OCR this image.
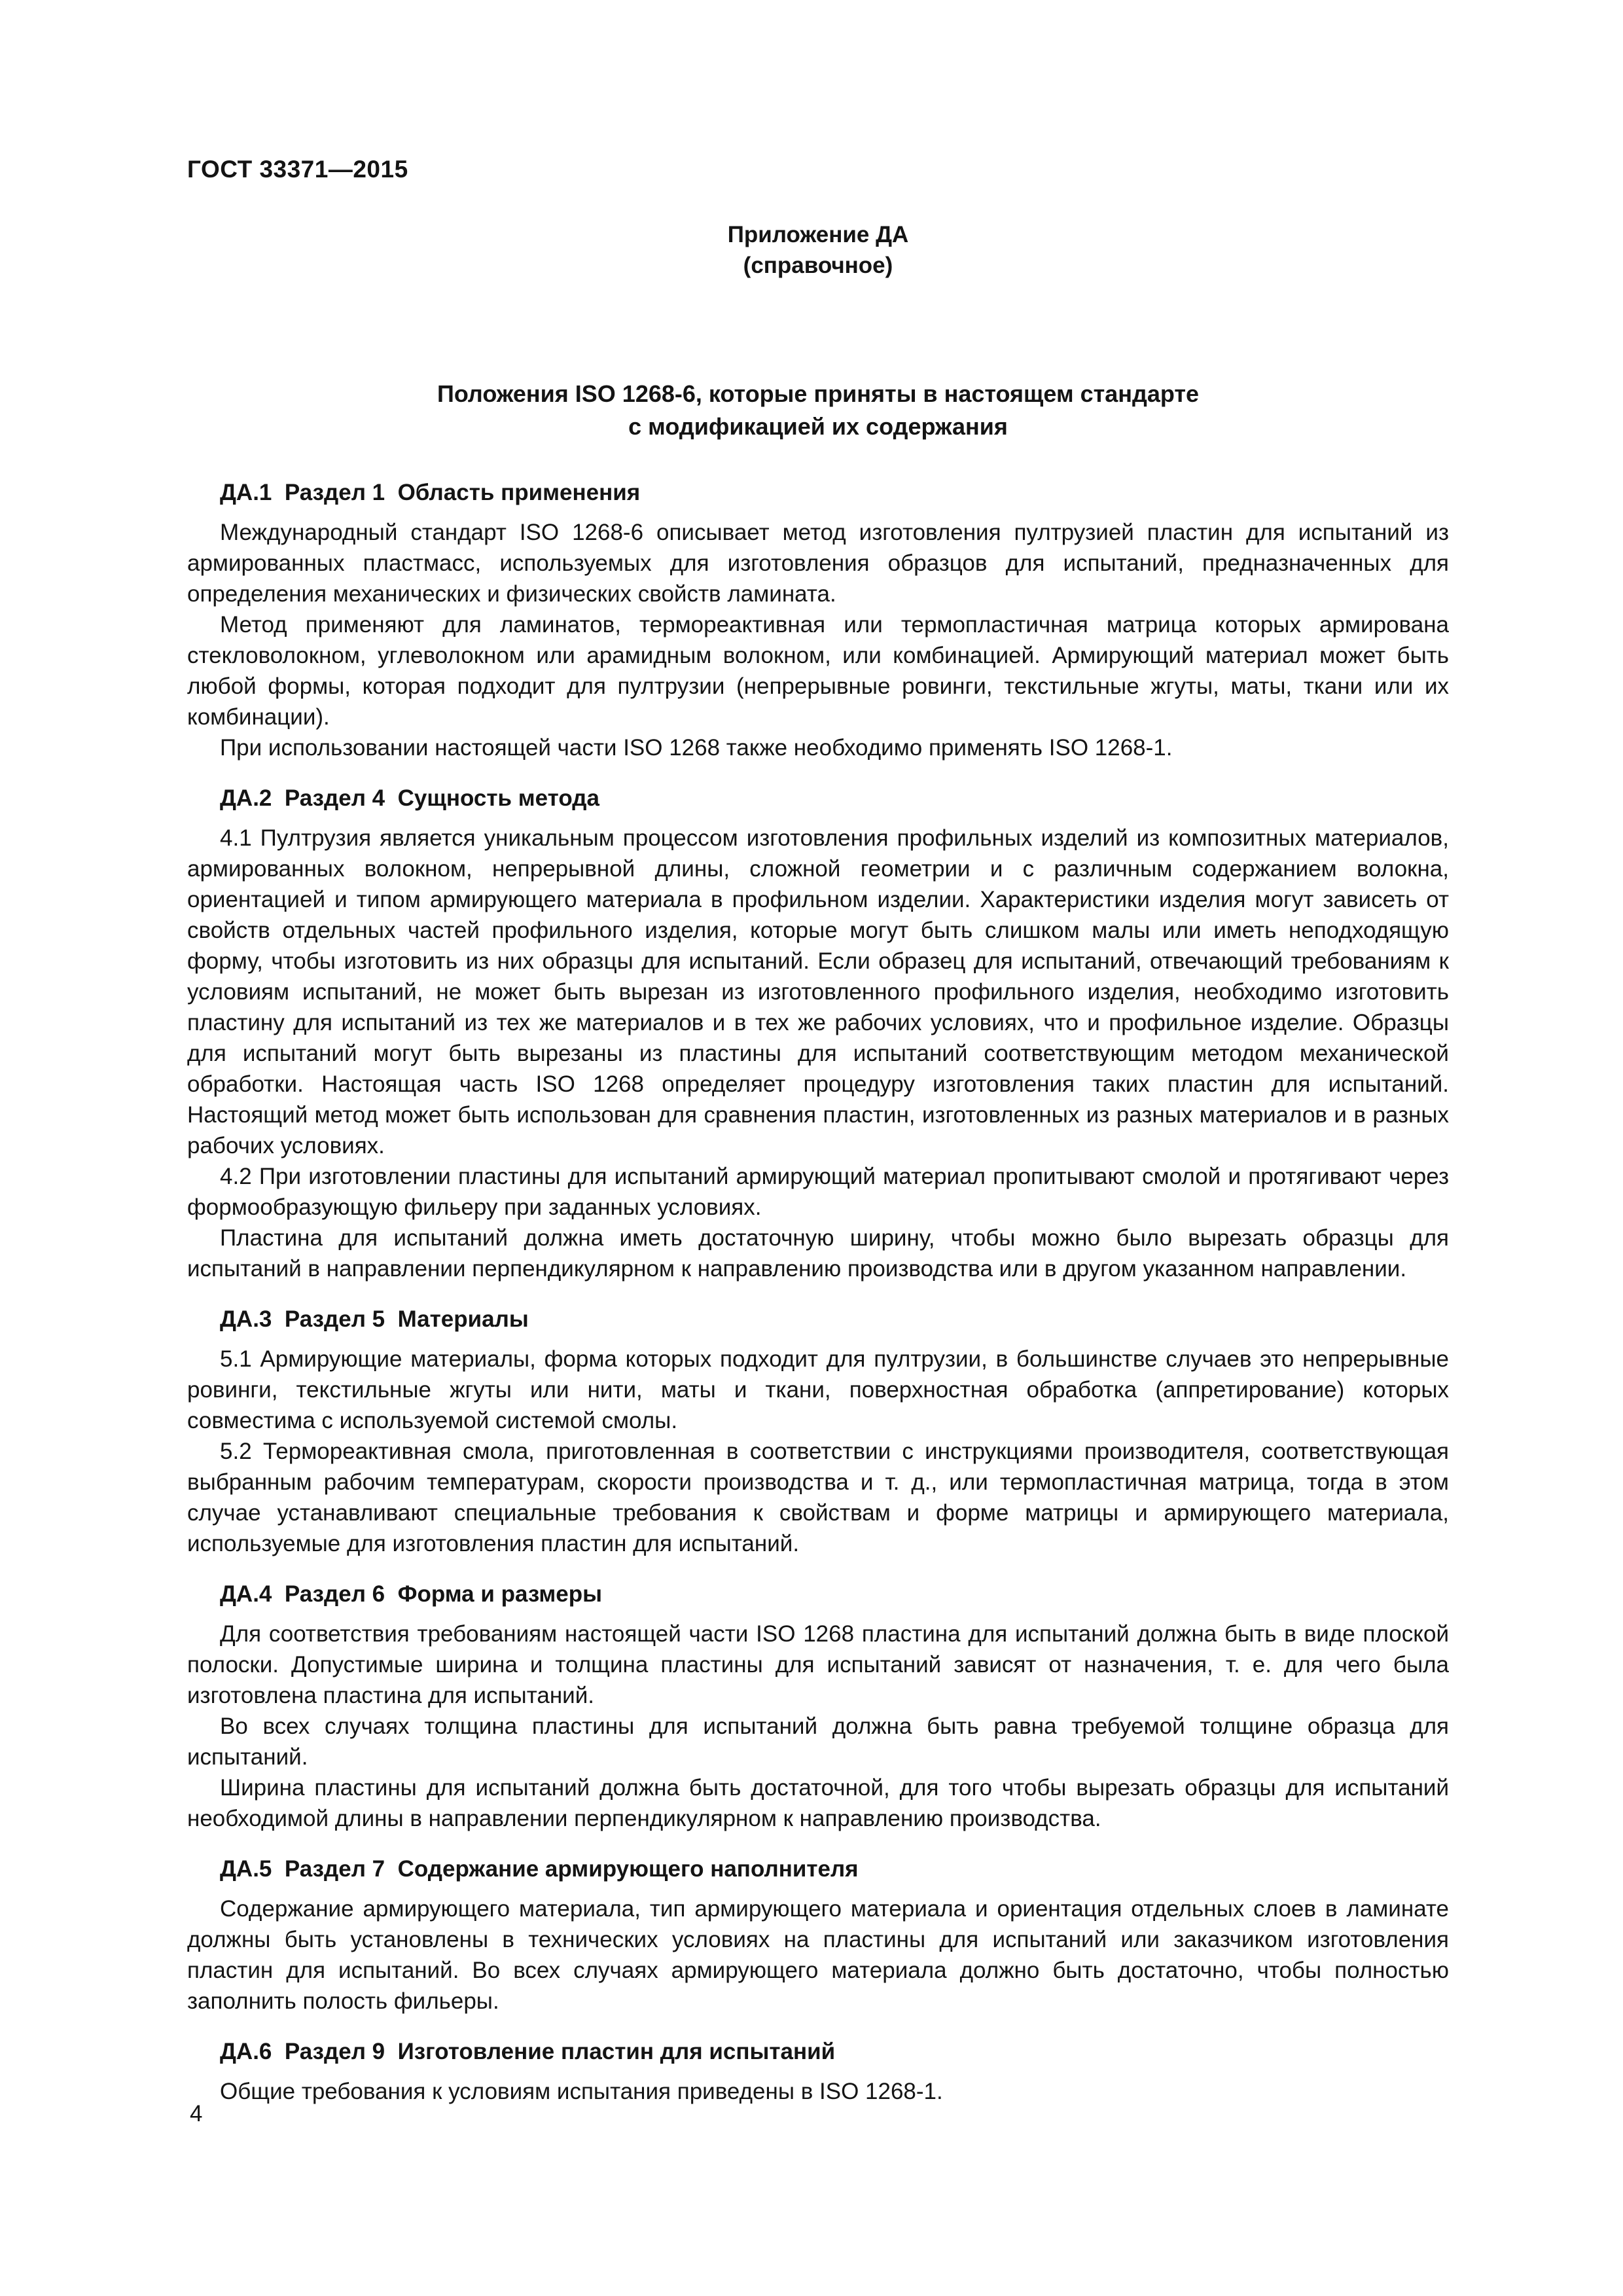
ГОСТ 33371—2015
Приложение ДА
(справочное)
Положения ISO 1268-6, которые приняты в настоящем стандарте
с модификацией их содержания
ДА.1  Раздел 1  Область применения

Международный стандарт ISO 1268-6 описывает метод изготовления пултрузией пластин для испытаний из армированных пластмасс, используемых для изготовления образцов для испытаний, предназначенных для определения механических и физических свойств ламината.

Метод применяют для ламинатов, термореактивная или термопластичная матрица которых армирована стекловолокном, углеволокном или арамидным волокном, или комбинацией. Армирующий материал может быть любой формы, которая подходит для пултрузии (непрерывные ровинги, текстильные жгуты, маты, ткани или их комбинации).

При использовании настоящей части ISO 1268 также необходимо применять ISO 1268-1.

ДА.2  Раздел 4  Сущность метода

4.1 Пултрузия является уникальным процессом изготовления профильных изделий из композитных материалов, армированных волокном, непрерывной длины, сложной геометрии и с различным содержанием волокна, ориентацией и типом армирующего материала в профильном изделии. Характеристики изделия могут зависеть от свойств отдельных частей профильного изделия, которые могут быть слишком малы или иметь неподходящую форму, чтобы изготовить из них образцы для испытаний. Если образец для испытаний, отвечающий требованиям к условиям испытаний, не может быть вырезан из изготовленного профильного изделия, необходимо изготовить пластину для испытаний из тех же материалов и в тех же рабочих условиях, что и профильное изделие. Образцы для испытаний могут быть вырезаны из пластины для испытаний соответствующим методом механической обработки. Настоящая часть ISO 1268 определяет процедуру изготовления таких пластин для испытаний. Настоящий метод может быть использован для сравнения пластин, изготовленных из разных материалов и в разных рабочих условиях.

4.2 При изготовлении пластины для испытаний армирующий материал пропитывают смолой и протягивают через формообразующую фильеру при заданных условиях.

Пластина для испытаний должна иметь достаточную ширину, чтобы можно было вырезать образцы для испытаний в направлении перпендикулярном к направлению производства или в другом указанном направлении.

ДА.3  Раздел 5  Материалы

5.1 Армирующие материалы, форма которых подходит для пултрузии, в большинстве случаев это непрерывные ровинги, текстильные жгуты или нити, маты и ткани, поверхностная обработка (аппретирование) которых совместима с используемой системой смолы.

5.2 Термореактивная смола, приготовленная в соответствии с инструкциями производителя, соответствующая выбранным рабочим температурам, скорости производства и т. д., или термопластичная матрица, тогда в этом случае устанавливают специальные требования к свойствам и форме матрицы и армирующего материала, используемые для изготовления пластин для испытаний.

ДА.4  Раздел 6  Форма и размеры

Для соответствия требованиям настоящей части ISO 1268 пластина для испытаний должна быть в виде плоской полоски. Допустимые ширина и толщина пластины для испытаний зависят от назначения, т. е. для чего была изготовлена пластина для испытаний.

Во всех случаях толщина пластины для испытаний должна быть равна требуемой толщине образца для испытаний.

Ширина пластины для испытаний должна быть достаточной, для того чтобы вырезать образцы для испытаний необходимой длины в направлении перпендикулярном к направлению производства.

ДА.5  Раздел 7  Содержание армирующего наполнителя

Содержание армирующего материала, тип армирующего материала и ориентация отдельных слоев в ламинате должны быть установлены в технических условиях на пластины для испытаний или заказчиком изготовления пластин для испытаний. Во всех случаях армирующего материала должно быть достаточно, чтобы полностью заполнить полость фильеры.

ДА.6  Раздел 9  Изготовление пластин для испытаний

Общие требования к условиям испытания приведены в ISO 1268-1.

4
